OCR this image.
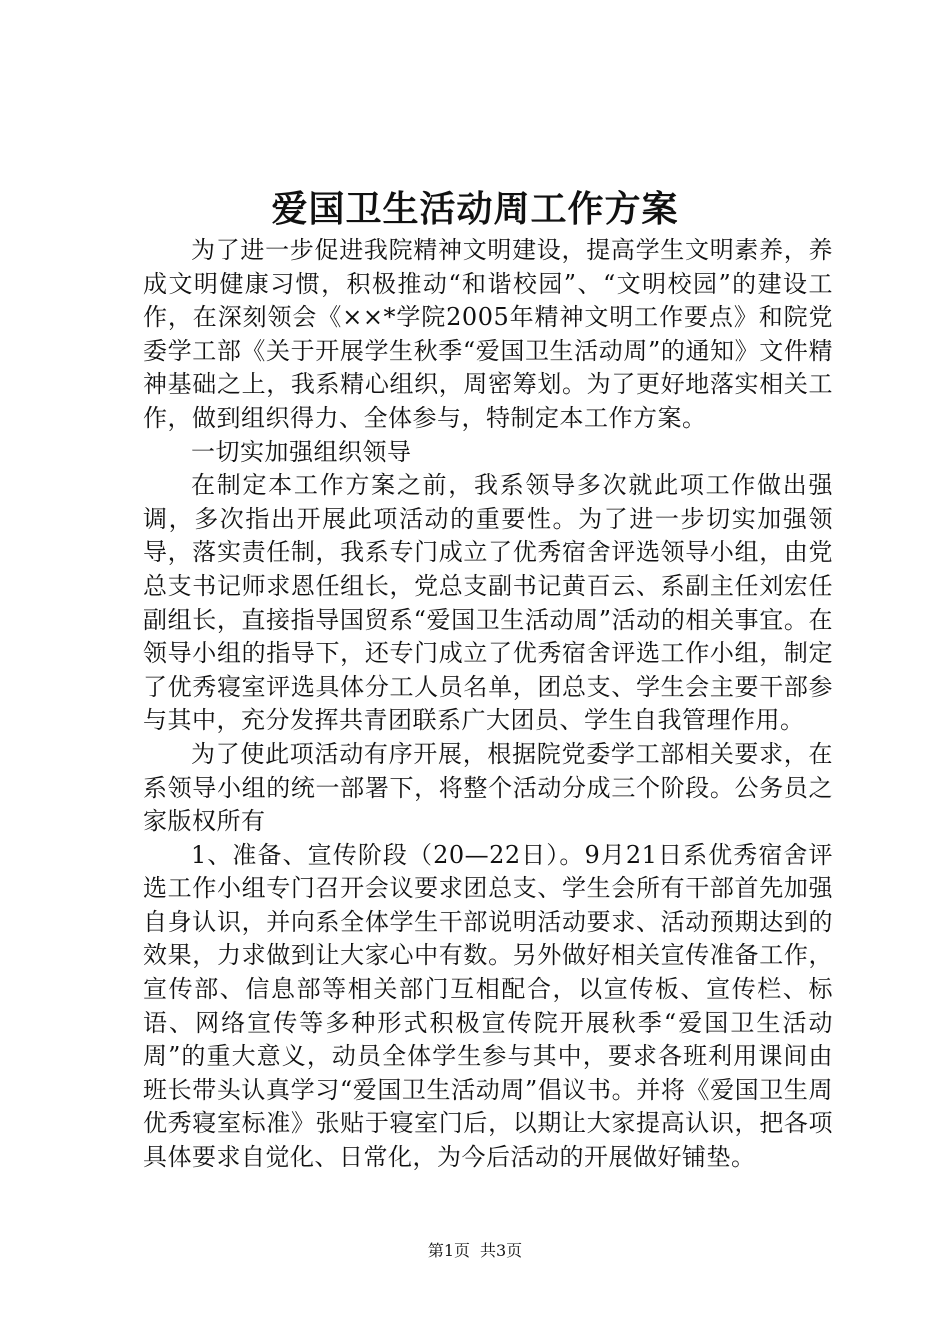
爱国卫生活动周工作方案

为了进一步促进我院精神文明建设，提高学生文明素养，养成文明健康习惯，积极推动“和谐校园”、“文明校园”的建设工作，在深刻领会《××*学院2005年精神文明工作要点》和院党委学工部《关于开展学生秋季“爱国卫生活动周”的通知》文件精神基础之上，我系精心组织，周密筹划。为了更好地落实相关工作，做到组织得力、全体参与，特制定本工作方案。

一切实加强组织领导

在制定本工作方案之前，我系领导多次就此项工作做出强调，多次指出开展此项活动的重要性。为了进一步切实加强领导，落实责任制，我系专门成立了优秀宿舍评选领导小组，由党总支书记师求恩任组长，党总支副书记黄百云、系副主任刘宏任副组长，直接指导国贸系“爱国卫生活动周”活动的相关事宜。在领导小组的指导下，还专门成立了优秀宿舍评选工作小组，制定了优秀寝室评选具体分工人员名单，团总支、学生会主要干部参与其中，充分发挥共青团联系广大团员、学生自我管理作用。

为了使此项活动有序开展，根据院党委学工部相关要求，在系领导小组的统一部署下，将整个活动分成三个阶段。公务员之家版权所有

1、准备、宣传阶段（20—22日）。9月21日系优秀宿舍评选工作小组专门召开会议要求团总支、学生会所有干部首先加强自身认识，并向系全体学生干部说明活动要求、活动预期达到的效果，力求做到让大家心中有数。另外做好相关宣传准备工作，宣传部、信息部等相关部门互相配合，以宣传板、宣传栏、标语、网络宣传等多种形式积极宣传院开展秋季“爱国卫生活动周”的重大意义，动员全体学生参与其中，要求各班利用课间由班长带头认真学习“爱国卫生活动周”倡议书。并将《爱国卫生周优秀寝室标准》张贴于寝室门后，以期让大家提高认识，把各项具体要求自觉化、日常化，为今后活动的开展做好铺垫。

第1页 共3页
